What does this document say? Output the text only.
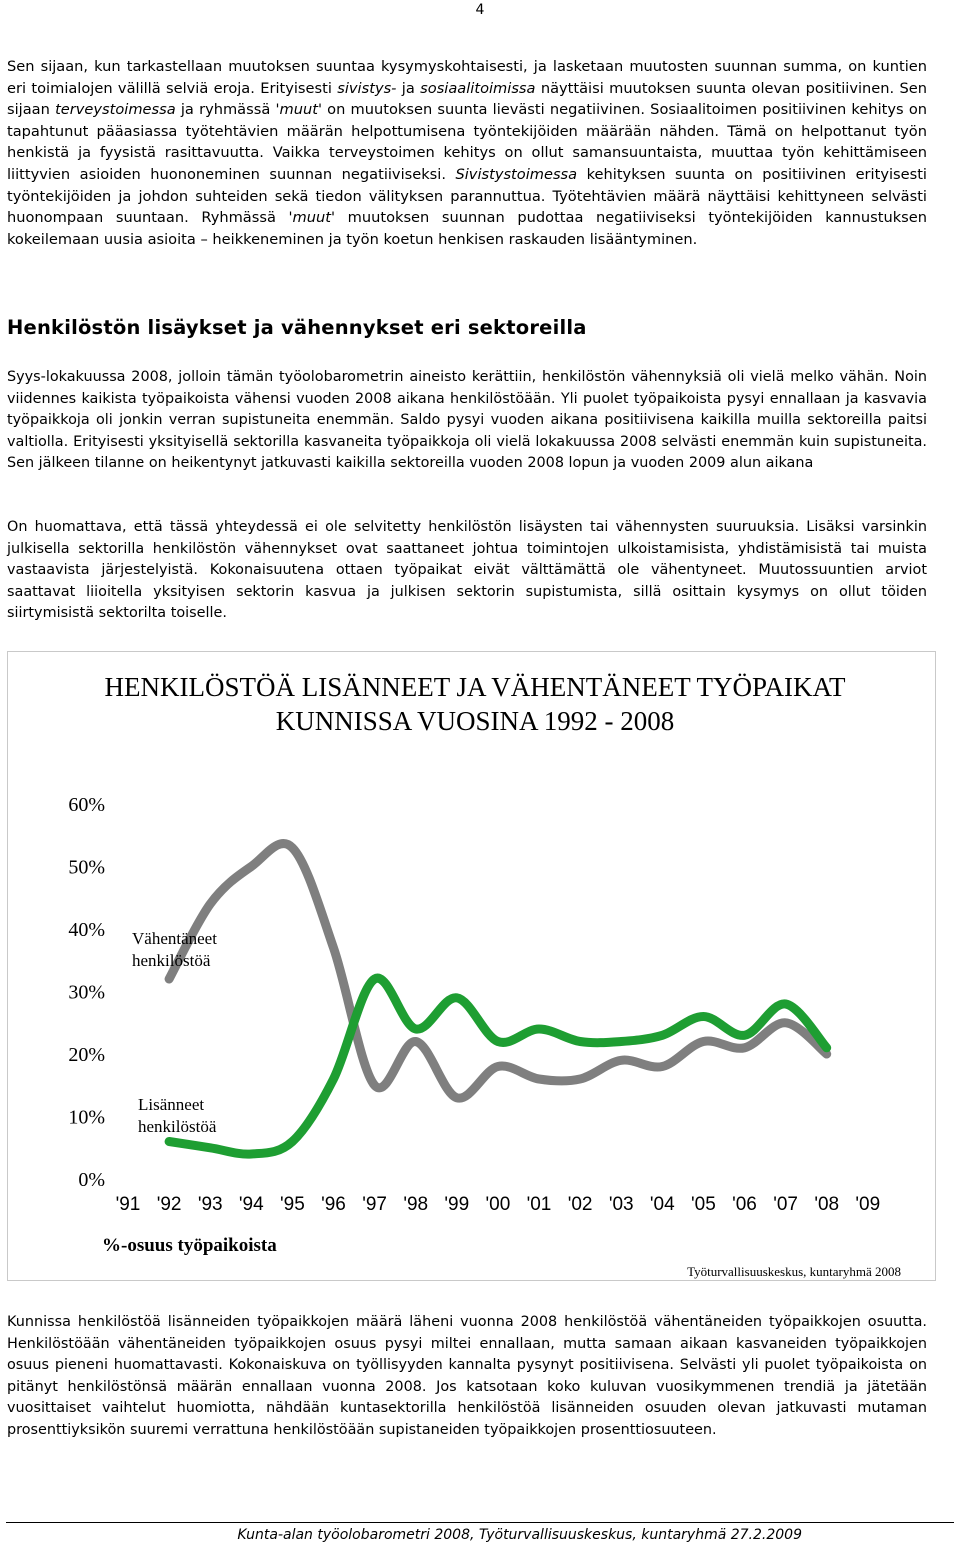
4
Sen sijaan, kun tarkastellaan muutoksen suuntaa kysymyskohtaisesti, ja lasketaan muutosten suunnan summa, on kuntien eri toimialojen välillä selviä eroja. Erityisesti sivistys- ja sosiaalitoimissa näyttäisi muutoksen suunta olevan positiivinen. Sen sijaan terveystoimessa ja ryhmässä 'muut' on muutoksen suunta lievästi negatiivinen. Sosiaalitoimen positiivinen kehitys on tapahtunut pääasiassa työtehtävien määrän helpottumisena työntekijöiden määrään nähden. Tämä on helpottanut työn henkistä ja fyysistä rasittavuutta. Vaikka terveystoimen kehitys on ollut samansuuntaista, muuttaa työn kehittämiseen liittyvien asioiden huononeminen suunnan negatiiviseksi. Sivistystoimessa kehityksen suunta on positiivinen erityisesti työntekijöiden ja johdon suhteiden sekä tiedon välityksen parannuttua. Työtehtävien määrä näyttäisi kehittyneen selvästi huonompaan suuntaan. Ryhmässä 'muut' muutoksen suunnan pudottaa negatiiviseksi työntekijöiden kannustuksen kokeilemaan uusia asioita – heikkeneminen ja työn koetun henkisen raskauden lisääntyminen.
Henkilöstön lisäykset ja vähennykset eri sektoreilla
Syys-lokakuussa 2008, jolloin tämän työolobarometrin aineisto kerättiin, henkilöstön vähennyksiä oli vielä melko vähän. Noin viidennes kaikista työpaikoista vähensi vuoden 2008 aikana henkilöstöään. Yli puolet työpaikoista pysyi ennallaan ja kasvavia työpaikkoja oli jonkin verran supistuneita enemmän. Saldo pysyi vuoden aikana positiivisena kaikilla muilla sektoreilla paitsi valtiolla. Erityisesti yksityisellä sektorilla kasvaneita työpaikkoja oli vielä lokakuussa 2008 selvästi enemmän kuin supistuneita. Sen jälkeen tilanne on heikentynyt jatkuvasti kaikilla sektoreilla vuoden 2008 lopun ja vuoden 2009 alun aikana
On huomattava, että tässä yhteydessä ei ole selvitetty henkilöstön lisäysten tai vähennysten suuruuksia. Lisäksi varsinkin julkisella sektorilla henkilöstön vähennykset ovat saattaneet johtua toimintojen ulkoistamisista, yhdistämisistä tai muista vastaavista järjestelyistä. Kokonaisuutena ottaen työpaikat eivät välttämättä ole vähentyneet. Muutossuuntien arviot saattavat liioitella yksityisen sektorin kasvua ja julkisen sektorin supistumista, sillä osittain kysymys on ollut töiden siirtymisistä sektorilta toiselle.
HENKILÖSTÖÄ LISÄNNEET JA VÄHENTÄNEET TYÖPAIKAT
KUNNISSA VUOSINA 1992 - 2008
0%
10%
20%
30%
40%
50%
60%
'91 '92 '93 '94 '95 '96 '97 '98 '99 '00 '01 '02 '03 '04 '05 '06 '07 '08 '09
Vähentäneet
henkilöstöä
Lisänneet
henkilöstöä
%-osuus työpaikoista
Työturvallisuuskeskus, kuntaryhmä 2008
Kunnissa henkilöstöä lisänneiden työpaikkojen määrä läheni vuonna 2008 henkilöstöä vähentäneiden työpaikkojen osuutta. Henkilöstöään vähentäneiden työpaikkojen osuus pysyi miltei ennallaan, mutta samaan aikaan kasvaneiden työpaikkojen osuus pieneni huomattavasti. Kokonaiskuva on työllisyyden kannalta pysynyt positiivisena. Selvästi yli puolet työpaikoista on pitänyt henkilöstönsä määrän ennallaan vuonna 2008. Jos katsotaan koko kuluvan vuosikymmenen trendiä ja jätetään vuosittaiset vaihtelut huomiotta, nähdään kuntasektorilla henkilöstöä lisänneiden osuuden olevan jatkuvasti mutaman prosenttiyksikön suuremi verrattuna henkilöstöään supistaneiden työpaikkojen prosenttiosuuteen.
Kunta-alan työolobarometri 2008, Työturvallisuuskeskus, kuntaryhmä 27.2.2009
